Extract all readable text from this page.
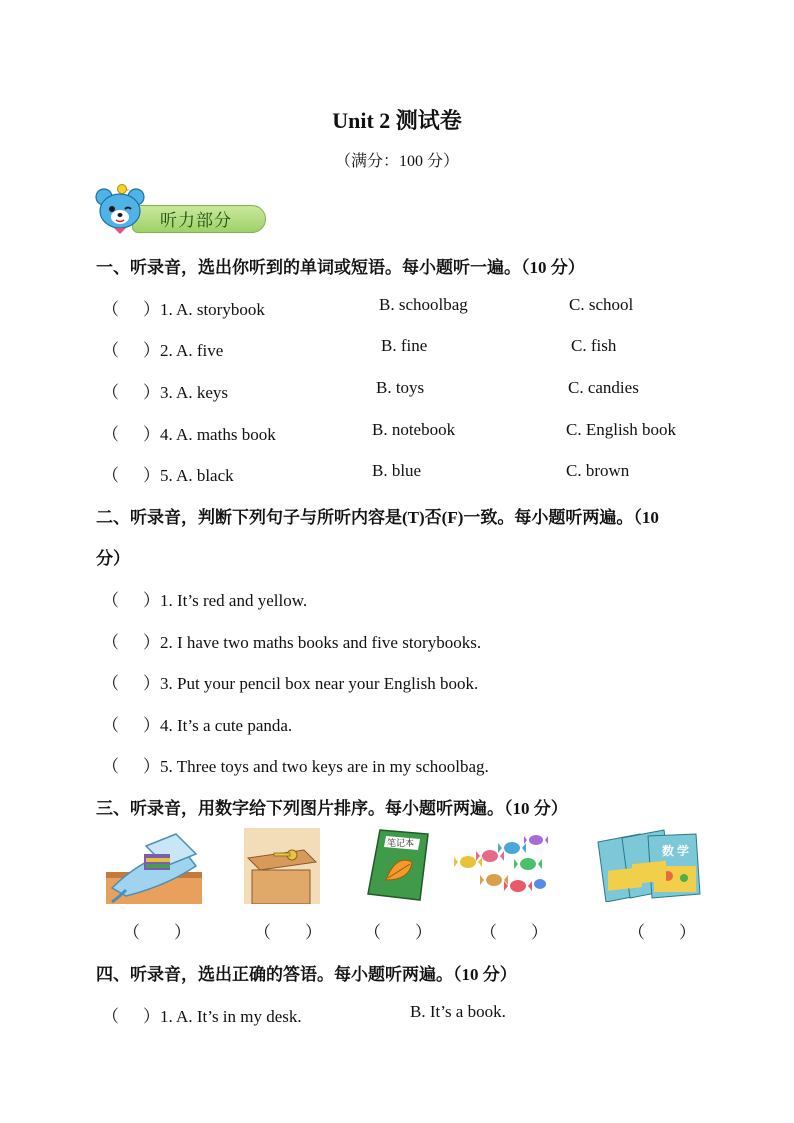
Unit 2 测试卷
（满分：100 分）
听力部分
一、听录音，选出你听到的单词或短语。每小题听一遍。（10 分）
（ ）1. A. storybook	B. schoolbag	C. school
（ ）2. A. five	B. fine	C. fish
（ ）3. A. keys	B. toys	C. candies
（ ）4. A. maths book	B. notebook	C. English book
（ ）5. A. black	B. blue	C. brown
二、听录音，判断下列句子与所听内容是(T)否(F)一致。每小题听两遍。（10
分）
（ ）1. It’s red and yellow.
（ ）2. I have two maths books and five storybooks.
（ ）3. Put your pencil box near your English book.
（ ）4. It’s a cute panda.
（ ）5. Three toys and two keys are in my schoolbag.
三、听录音，用数字给下列图片排序。每小题听两遍。（10 分）
笔记本	数学
（　　）	（　　） （　　）	（　　）	（　　）
四、听录音，选出正确的答语。每小题听两遍。（10 分）
（ ）1. A. It’s in my desk.	B. It’s a book.
